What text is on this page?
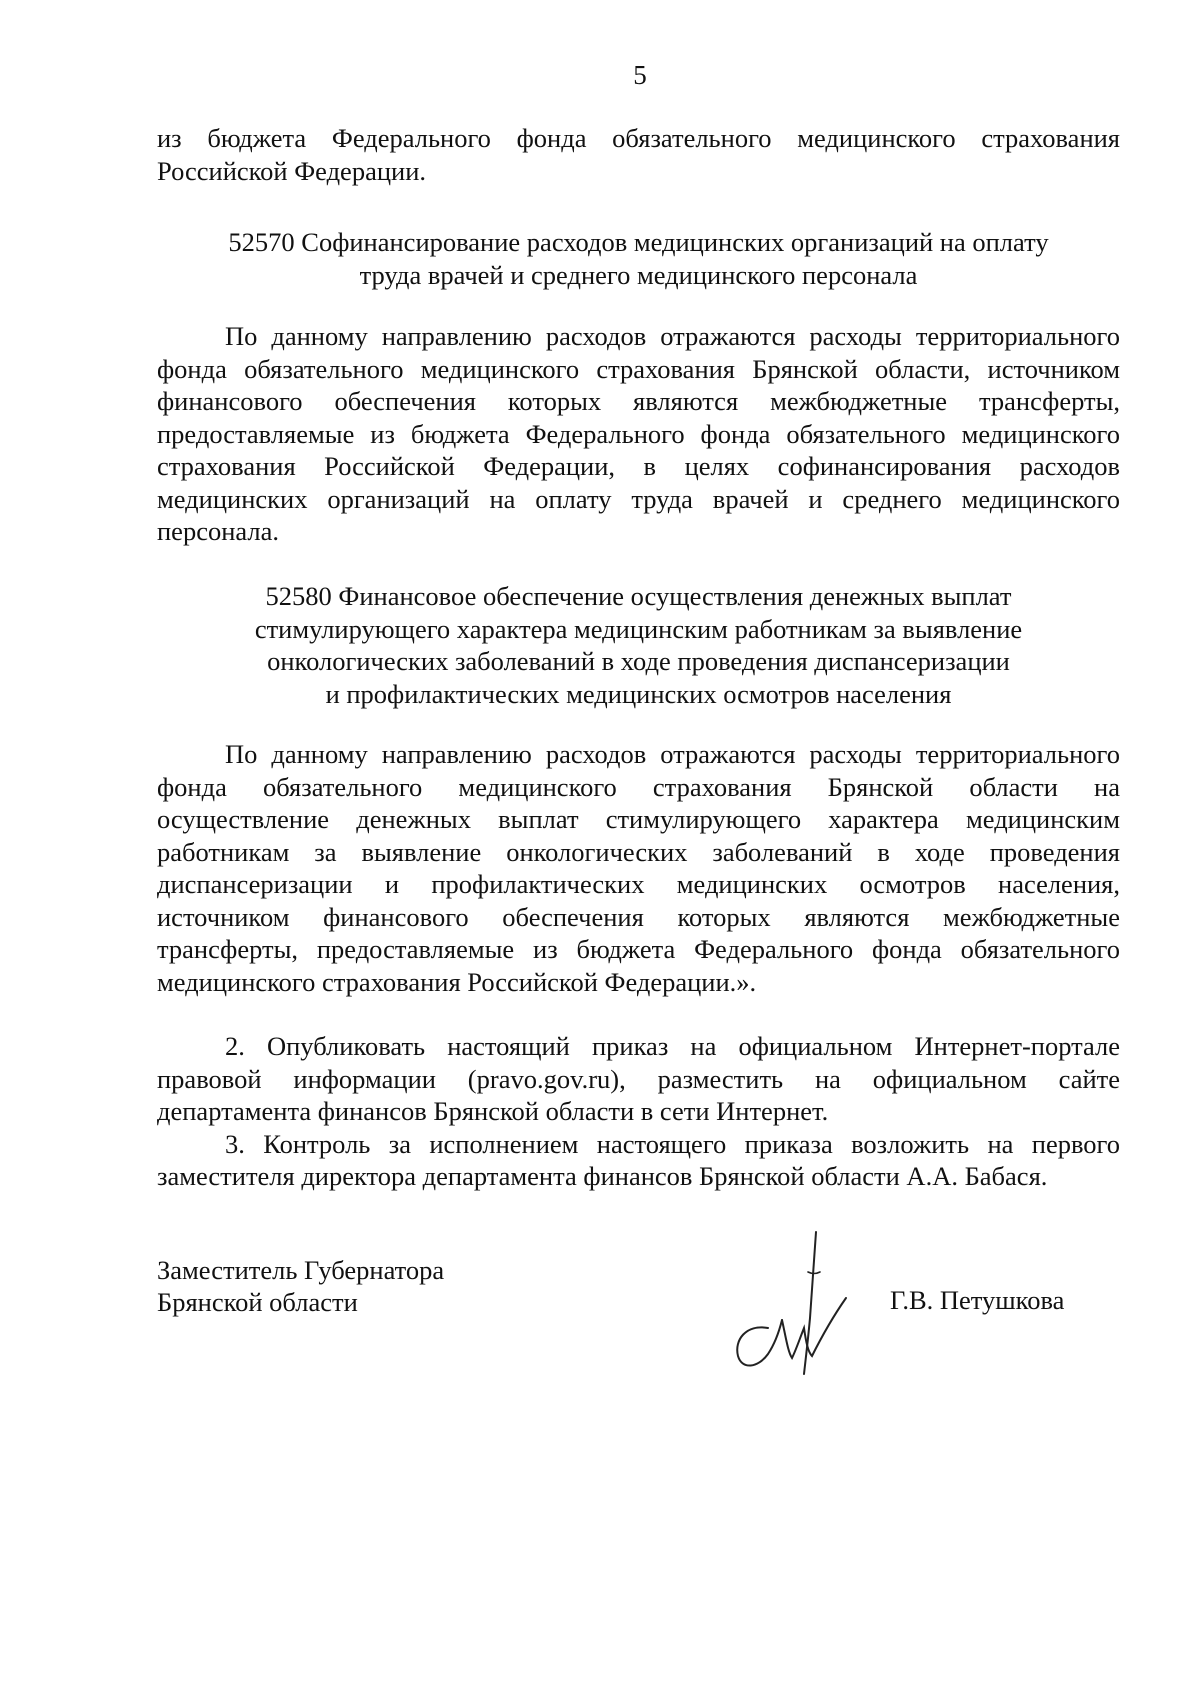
5

из бюджета Федерального фонда обязательного медицинского страхования Российской Федерации.

52570 Софинансирование расходов медицинских организаций на оплату
труда врачей и среднего медицинского персонала

По данному направлению расходов отражаются расходы территориального фонда обязательного медицинского страхования Брянской области, источником финансового обеспечения которых являются межбюджетные трансферты, предоставляемые из бюджета Федерального фонда обязательного медицинского страхования Российской Федерации, в целях софинансирования расходов медицинских организаций на оплату труда врачей и среднего медицинского персонала.

52580 Финансовое обеспечение осуществления денежных выплат
стимулирующего характера медицинским работникам за выявление
онкологических заболеваний в ходе проведения диспансеризации
и профилактических медицинских осмотров населения

По данному направлению расходов отражаются расходы территориального фонда обязательного медицинского страхования Брянской области на осуществление денежных выплат стимулирующего характера медицинским работникам за выявление онкологических заболеваний в ходе проведения диспансеризации и профилактических медицинских осмотров населения, источником финансового обеспечения которых являются межбюджетные трансферты, предоставляемые из бюджета Федерального фонда обязательного медицинского страхования Российской Федерации.».

2. Опубликовать настоящий приказ на официальном Интернет-портале правовой информации (pravo.gov.ru), разместить на официальном сайте департамента финансов Брянской области в сети Интернет.

3. Контроль за исполнением настоящего приказа возложить на первого заместителя директора департамента финансов Брянской области А.А. Бабася.

Заместитель Губернатора
Брянской области	Г.В. Петушкова
